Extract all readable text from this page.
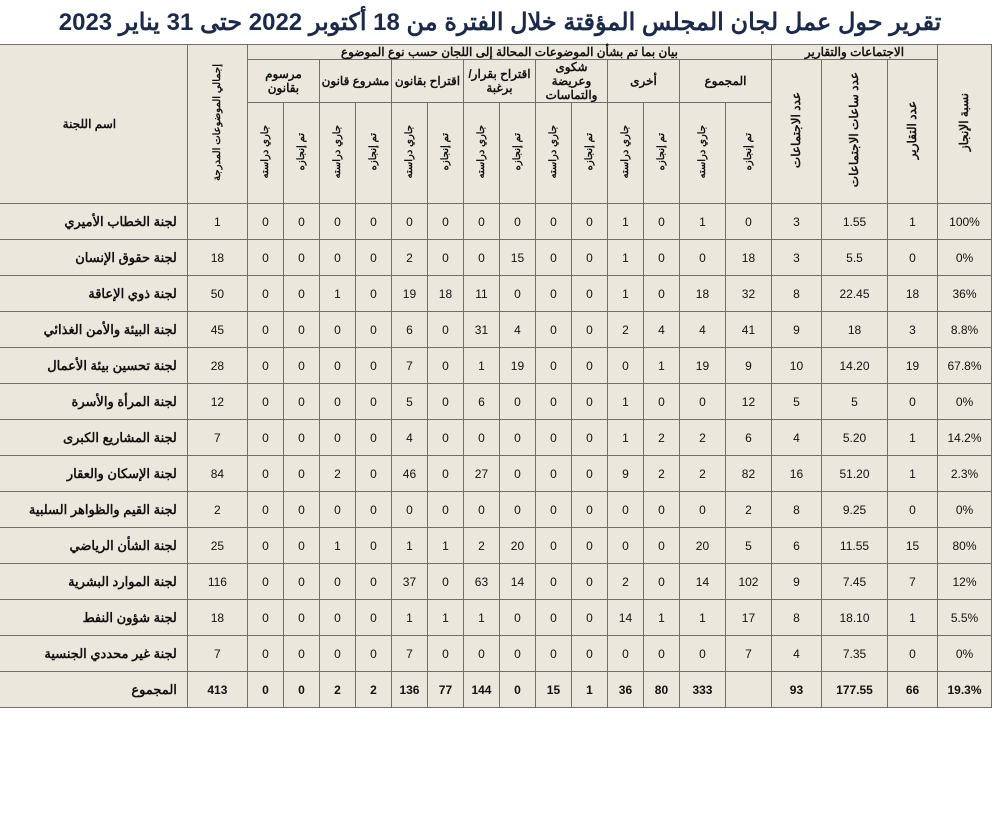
تقرير حول عمل لجان المجلس المؤقتة خلال الفترة من 18 أكتوبر 2022 حتى 31 يناير 2023
نسبة الإنجاز	الاجتماعات والتقارير			بيان بما تم بشأن الموضوعات المحالة إلى اللجان حسب نوع الموضوع														إجمالي الموضوعات المدرجة	اسم اللجنة	
	عدد التقارير	عدد ساعات الاجتماعات	عدد الاجتماعات	المجموع		أخرى		شكوى وعريضة والتماسات		اقتراح بقرار/ برغبة		اقتراح بقانون		مشروع قانون		مرسوم بقانون				
				تم إنجازه	جاري دراسته	تم إنجازه	جاري دراسته	تم إنجازه	جاري دراسته	تم إنجازه	جاري دراسته	تم إنجازه	جاري دراسته	تم إنجازه	جاري دراسته	تم إنجازه	جاري دراسته			
100%	1	1.55	3	0	1	0	1	0	0	0	0	0	0	0	0	0	0	1	لجنة الخطاب الأميري	
0%	0	5.5	3	18	0	0	1	0	0	15	0	0	2	0	0	0	0	18	لجنة حقوق الإنسان	
36%	18	22.45	8	32	18	0	1	0	0	0	11	18	19	0	1	0	0	50	لجنة ذوي الإعاقة	
8.8%	3	18	9	41	4	4	2	0	0	4	31	0	6	0	0	0	0	45	لجنة البيئة والأمن الغذائي	
67.8%	19	14.20	10	9	19	1	0	0	0	19	1	0	7	0	0	0	0	28	لجنة تحسين بيئة الأعمال	
0%	0	5	5	12	0	0	1	0	0	0	6	0	5	0	0	0	0	12	لجنة المرأة والأسرة	
14.2%	1	5.20	4	6	2	2	1	0	0	0	0	0	4	0	0	0	0	7	لجنة المشاريع الكبرى	
2.3%	1	51.20	16	82	2	2	9	0	0	0	27	0	46	0	2	0	0	84	لجنة الإسكان والعقار	
0%	0	9.25	8	2	0	0	0	0	0	0	0	0	0	0	0	0	0	2	لجنة القيم والظواهر السلبية	
80%	15	11.55	6	5	20	0	0	0	0	20	2	1	1	0	1	0	0	25	لجنة الشأن الرياضي	
12%	7	7.45	9	102	14	0	2	0	0	14	63	0	37	0	0	0	0	116	لجنة الموارد البشرية	
5.5%	1	18.10	8	17	1	1	14	0	0	0	1	1	1	0	0	0	0	18	لجنة شؤون النفط	
0%	0	7.35	4	7	0	0	0	0	0	0	0	0	7	0	0	0	0	7	لجنة غير محددي الجنسية	
19.3%	66	177.55	93		333	80	36	1	15	0	144	77	136	2	2	0	0	413	المجموع	
